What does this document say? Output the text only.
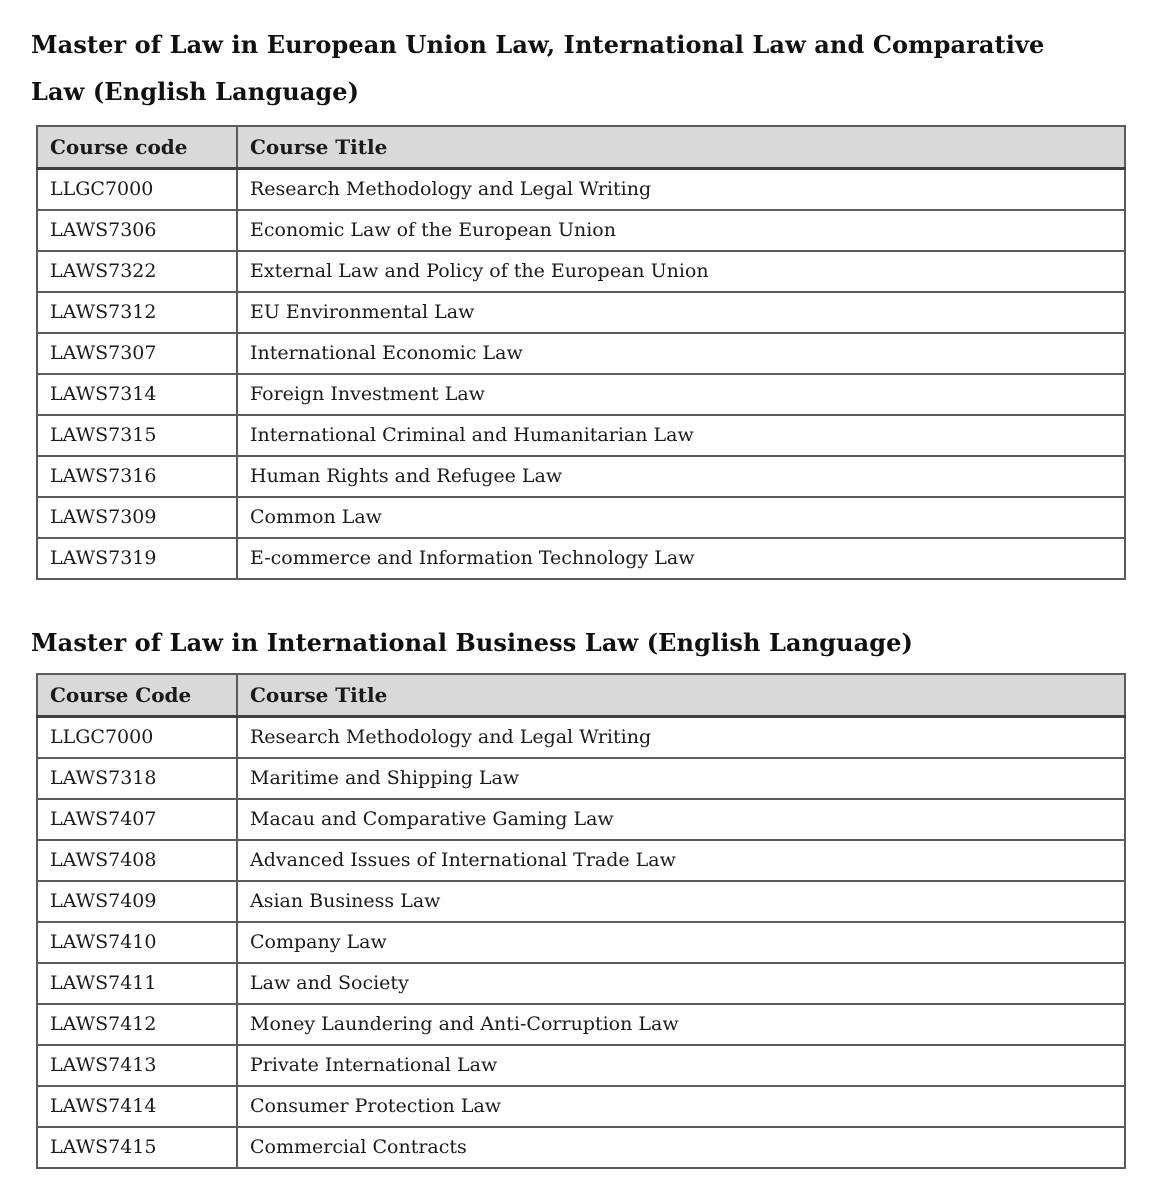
Master of Law in European Union Law, International Law and Comparative
Law (English Language)
Course code	Course Title
LLGC7000	Research Methodology and Legal Writing
LAWS7306	Economic Law of the European Union
LAWS7322	External Law and Policy of the European Union
LAWS7312	EU Environmental Law
LAWS7307	International Economic Law
LAWS7314	Foreign Investment Law
LAWS7315	International Criminal and Humanitarian Law
LAWS7316	Human Rights and Refugee Law
LAWS7309	Common Law
LAWS7319	E-commerce and Information Technology Law
Master of Law in International Business Law (English Language)
Course Code	Course Title
LLGC7000	Research Methodology and Legal Writing
LAWS7318	Maritime and Shipping Law
LAWS7407	Macau and Comparative Gaming Law
LAWS7408	Advanced Issues of International Trade Law
LAWS7409	Asian Business Law
LAWS7410	Company Law
LAWS7411	Law and Society
LAWS7412	Money Laundering and Anti-Corruption Law
LAWS7413	Private International Law
LAWS7414	Consumer Protection Law
LAWS7415	Commercial Contracts
